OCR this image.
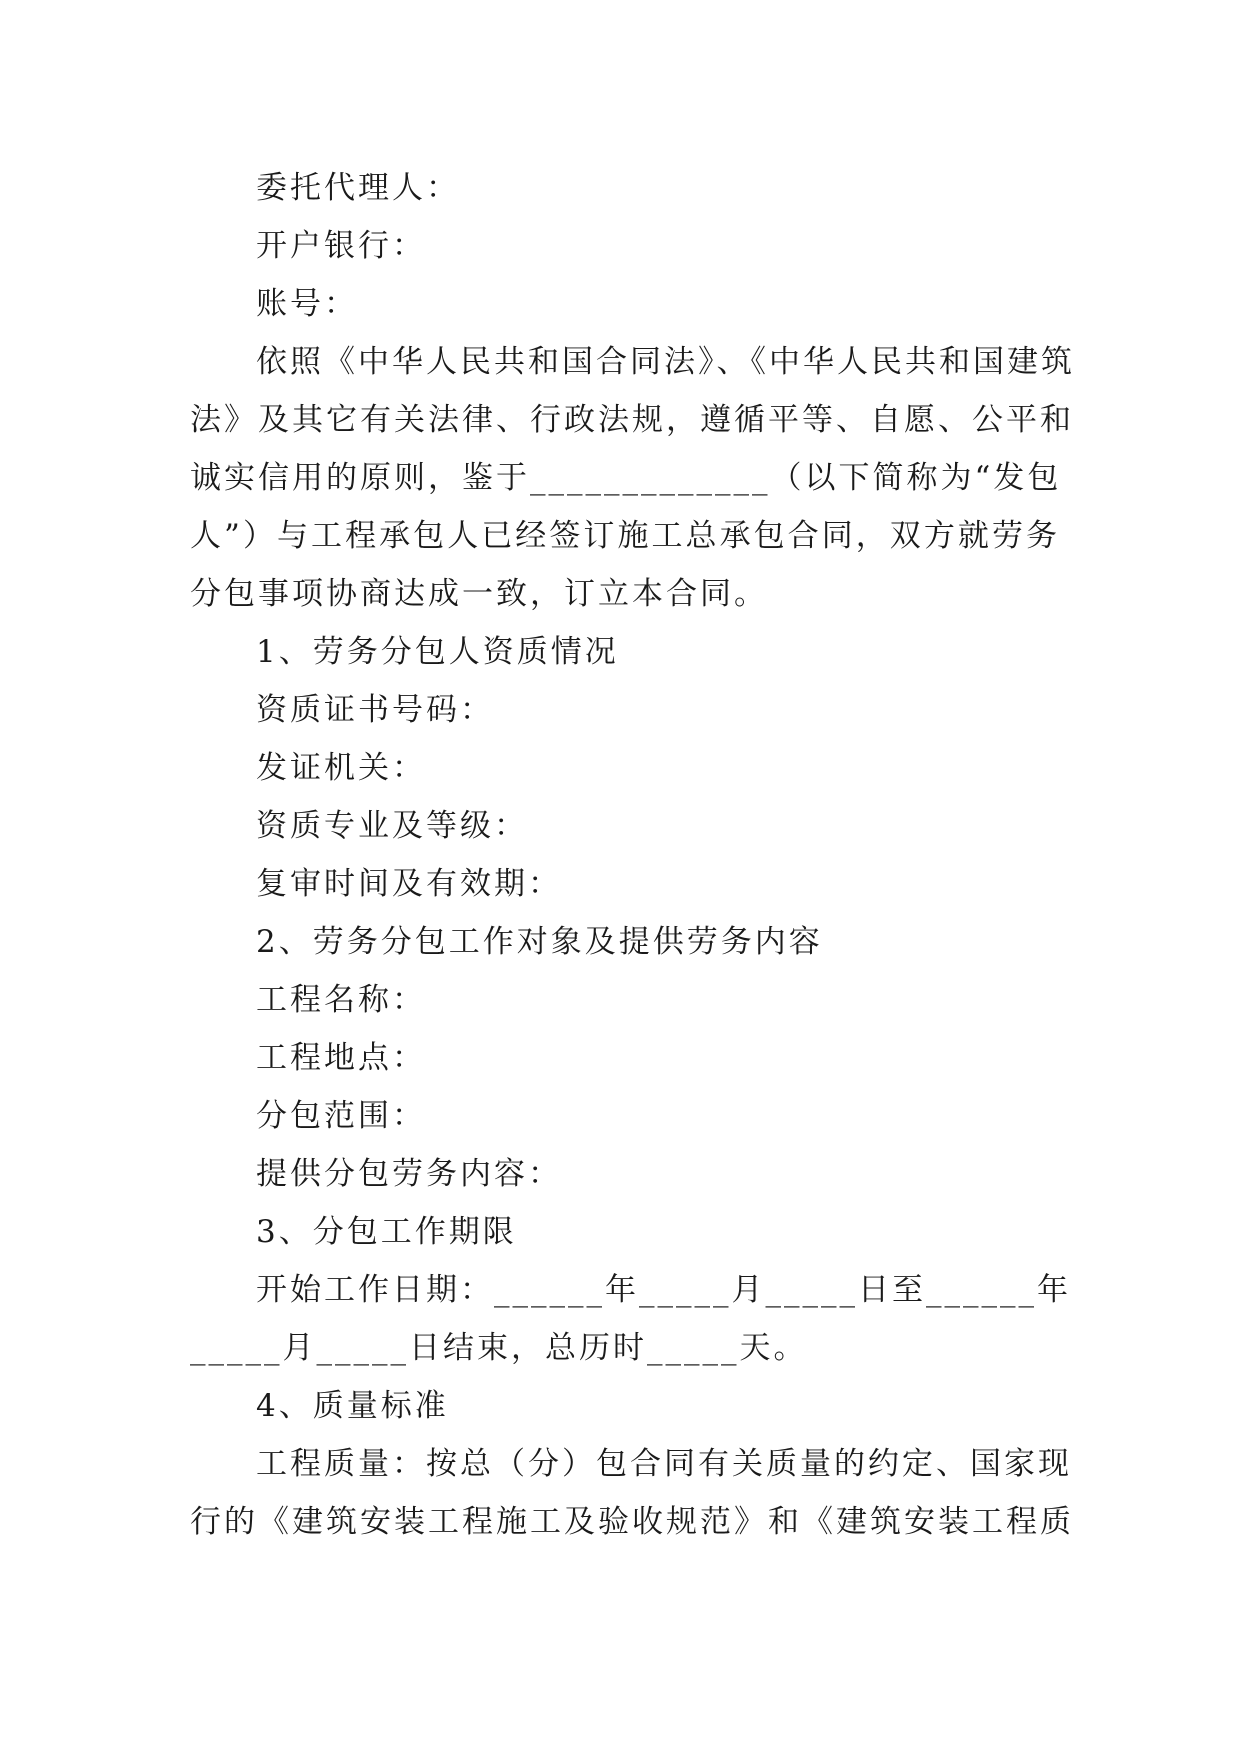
委托代理人：
开户银行：
账号：
依照《中华人民共和国合同法》、《中华人民共和国建筑
法》及其它有关法律、行政法规，遵循平等、自愿、公平和
诚实信用的原则，鉴于_____________（以下简称为“发包
人”）与工程承包人已经签订施工总承包合同，双方就劳务
分包事项协商达成一致，订立本合同。
1、劳务分包人资质情况
资质证书号码：
发证机关：
资质专业及等级：
复审时间及有效期：
2、劳务分包工作对象及提供劳务内容
工程名称：
工程地点：
分包范围：
提供分包劳务内容：
3、分包工作期限
开始工作日期：______年_____月_____日至______年
_____月_____日结束，总历时_____天。
4、质量标准
工程质量：按总（分）包合同有关质量的约定、国家现
行的《建筑安装工程施工及验收规范》和《建筑安装工程质
